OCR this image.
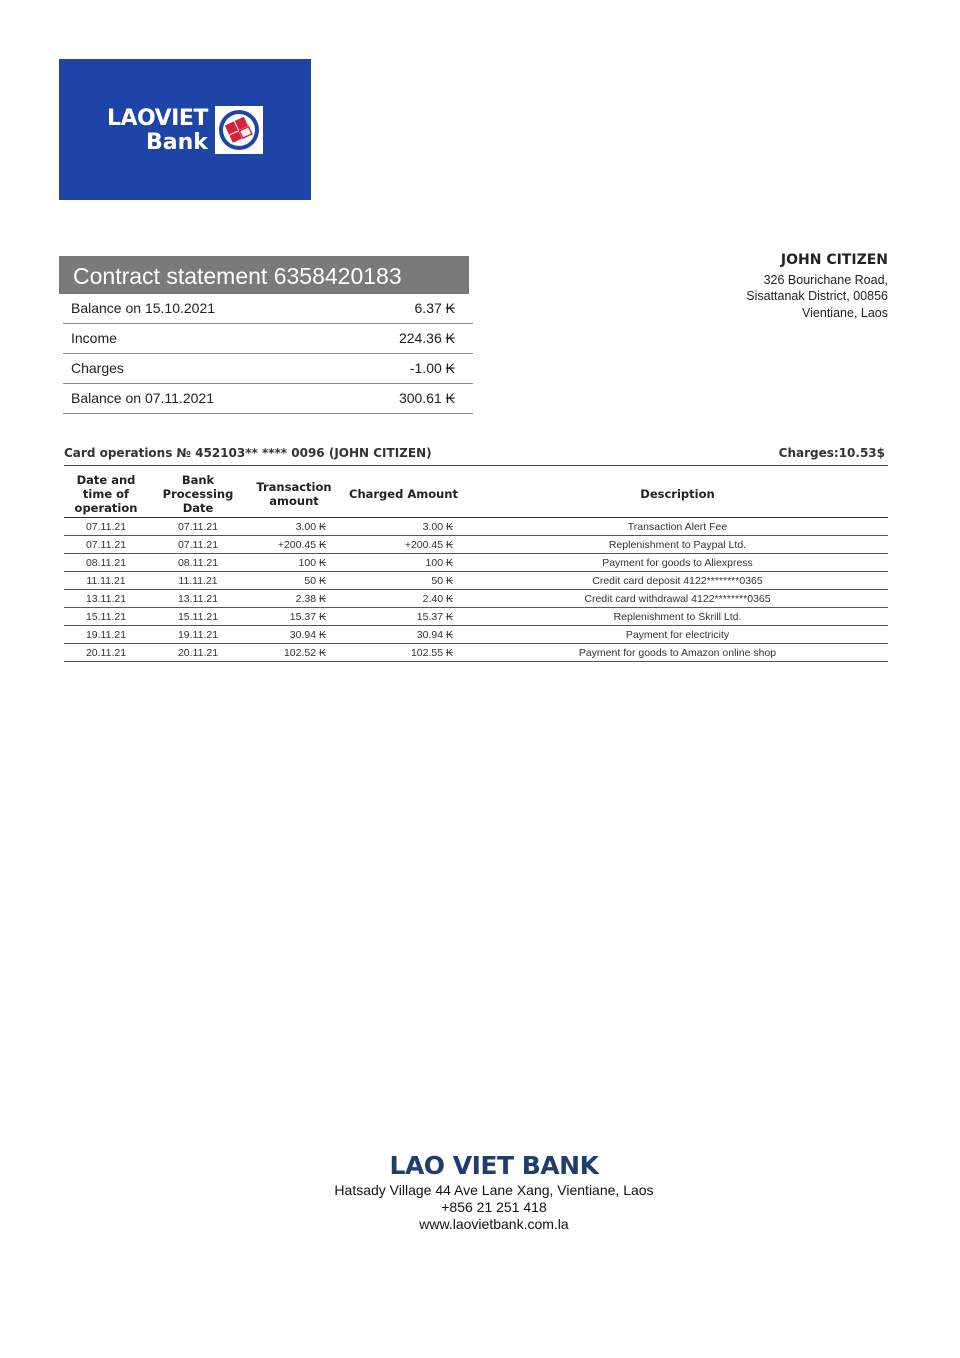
LAOVIET
Bank
Contract statement 6358420183
Balance on 15.10.2021	6.37 ₭
Income	224.36 ₭
Charges	-1.00 ₭
Balance on 07.11.2021	300.61 ₭
JOHN CITIZEN
326 Bourichane Road,
Sisattanak District, 00856
Vientiane, Laos
Card operations № 452103** **** 0096 (JOHN CITIZEN)	Charges:10.53$
Date and time of operation	Bank Processing Date	Transaction amount	Charged Amount	Description
07.11.21	07.11.21	3.00 ₭	3.00 ₭	Transaction Alert Fee
07.11.21	07.11.21	+200.45 ₭	+200.45 ₭	Replenishment to Paypal Ltd.
08.11.21	08.11.21	100 ₭	100 ₭	Payment for goods to Aliexpress
11.11.21	11.11.21	50 ₭	50 ₭	Credit card deposit 4122********0365
13.11.21	13.11.21	2.38 ₭	2.40 ₭	Credit card withdrawal 4122********0365
15.11.21	15.11.21	15.37 ₭	15.37 ₭	Replenishment to Skrill Ltd.
19.11.21	19.11.21	30.94 ₭	30.94 ₭	Payment for electricity
20.11.21	20.11.21	102.52 ₭	102.55 ₭	Payment for goods to Amazon online shop
LAO VIET BANK
Hatsady Village 44 Ave Lane Xang, Vientiane, Laos
+856 21 251 418
www.laovietbank.com.la
